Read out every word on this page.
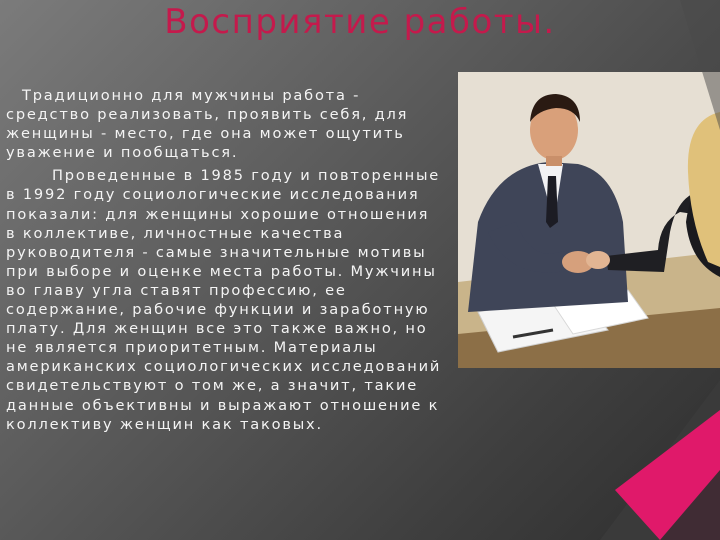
Восприятие работы.

Традиционно для мужчины работа - средство реализовать, проявить себя, для женщины - место, где она может ощутить уважение и пообщаться.

Проведенные в 1985 году и повторенные в 1992 году социологические исследования показали: для женщины хорошие отношения в коллективе, личностные качества руководителя - самые значительные мотивы при выборе и оценке места работы. Мужчины во главу угла ставят профессию, ее содержание, рабочие функции и заработную плату. Для женщин все это также важно, но не является приоритетным. Материалы американских социологических исследований свидетельствуют о том же, а значит, такие данные объективны и выражают отношение к коллективу женщин как таковых.
